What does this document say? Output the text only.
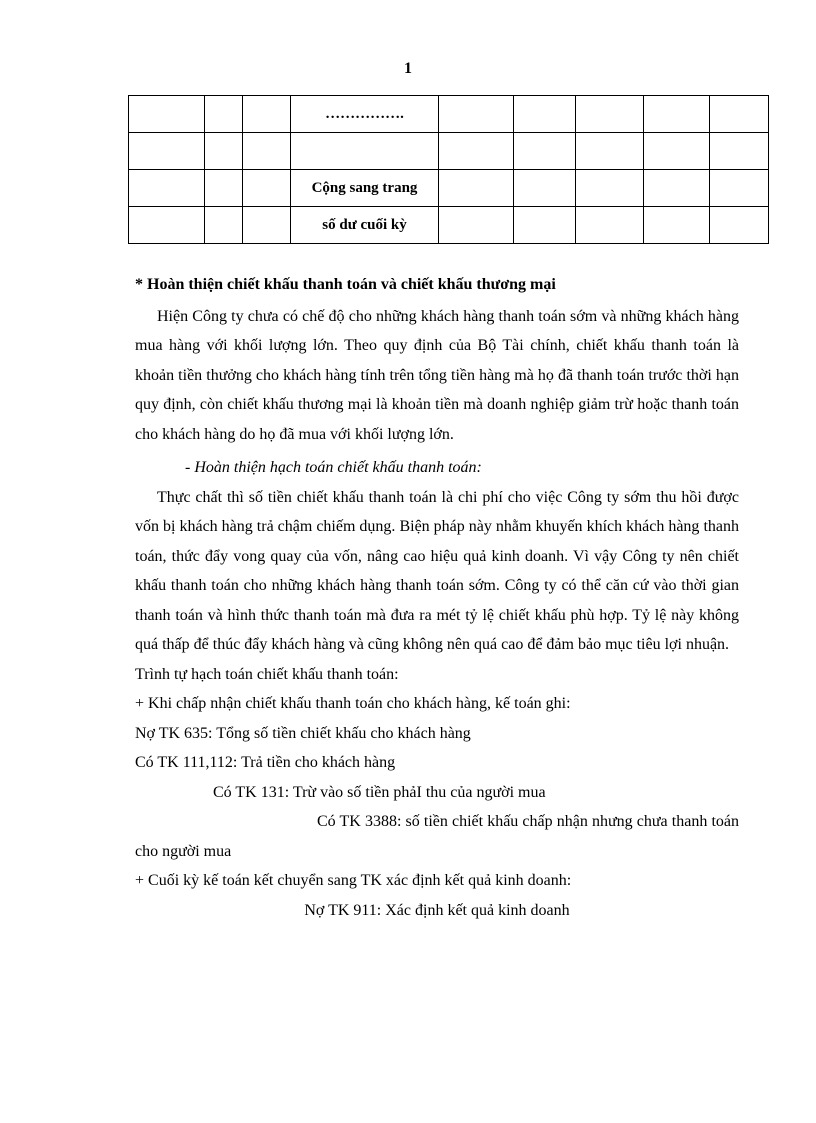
1
			…………….					

			Cộng sang trang					
			số dư cuối kỳ					

* Hoàn thiện chiết khấu thanh toán và chiết khấu thương mại

Hiện Công ty chưa có chế độ cho những khách hàng thanh toán sớm và những khách hàng mua hàng với khối lượng lớn. Theo quy định của Bộ Tài chính, chiết khấu thanh toán là khoản tiền thưởng cho khách hàng tính trên tổng tiền hàng mà họ đã thanh toán trước thời hạn quy định, còn chiết khấu thương mại là khoản tiền mà doanh nghiệp giảm trừ hoặc thanh toán cho khách hàng do họ đã mua với khối lượng lớn.

- Hoàn thiện hạch toán chiết khấu thanh toán:

Thực chất thì số tiền chiết khấu thanh toán là chi phí cho việc Công ty sớm thu hồi được vốn bị khách hàng trả chậm chiếm dụng. Biện pháp này nhằm khuyến khích khách hàng thanh toán, thức đẩy vong quay của vốn, nâng cao hiệu quả kinh doanh. Vì vậy Công ty nên chiết khấu thanh toán cho những khách hàng thanh toán sớm. Công ty có thể căn cứ vào thời gian thanh toán và hình thức thanh toán mà đưa ra mét tỷ lệ chiết khấu phù hợp. Tỷ lệ này không quá thấp để thúc đẩy khách hàng và cũng không nên quá cao để đảm bảo mục tiêu lợi nhuận.

Trình tự hạch toán chiết khấu thanh toán:

+ Khi chấp nhận chiết khấu thanh toán cho khách hàng, kế toán ghi:

Nợ TK 635: Tổng số tiền chiết khấu cho khách hàng

Có TK 111,112: Trả tiền cho khách hàng

Có TK 131: Trừ vào số tiền phảI thu của người mua

Có TK 3388: số tiền chiết khấu chấp nhận nhưng chưa thanh toán cho người mua

+ Cuối kỳ kế toán kết chuyển sang TK xác định kết quả kinh doanh:

Nợ TK 911: Xác định kết quả kinh doanh
